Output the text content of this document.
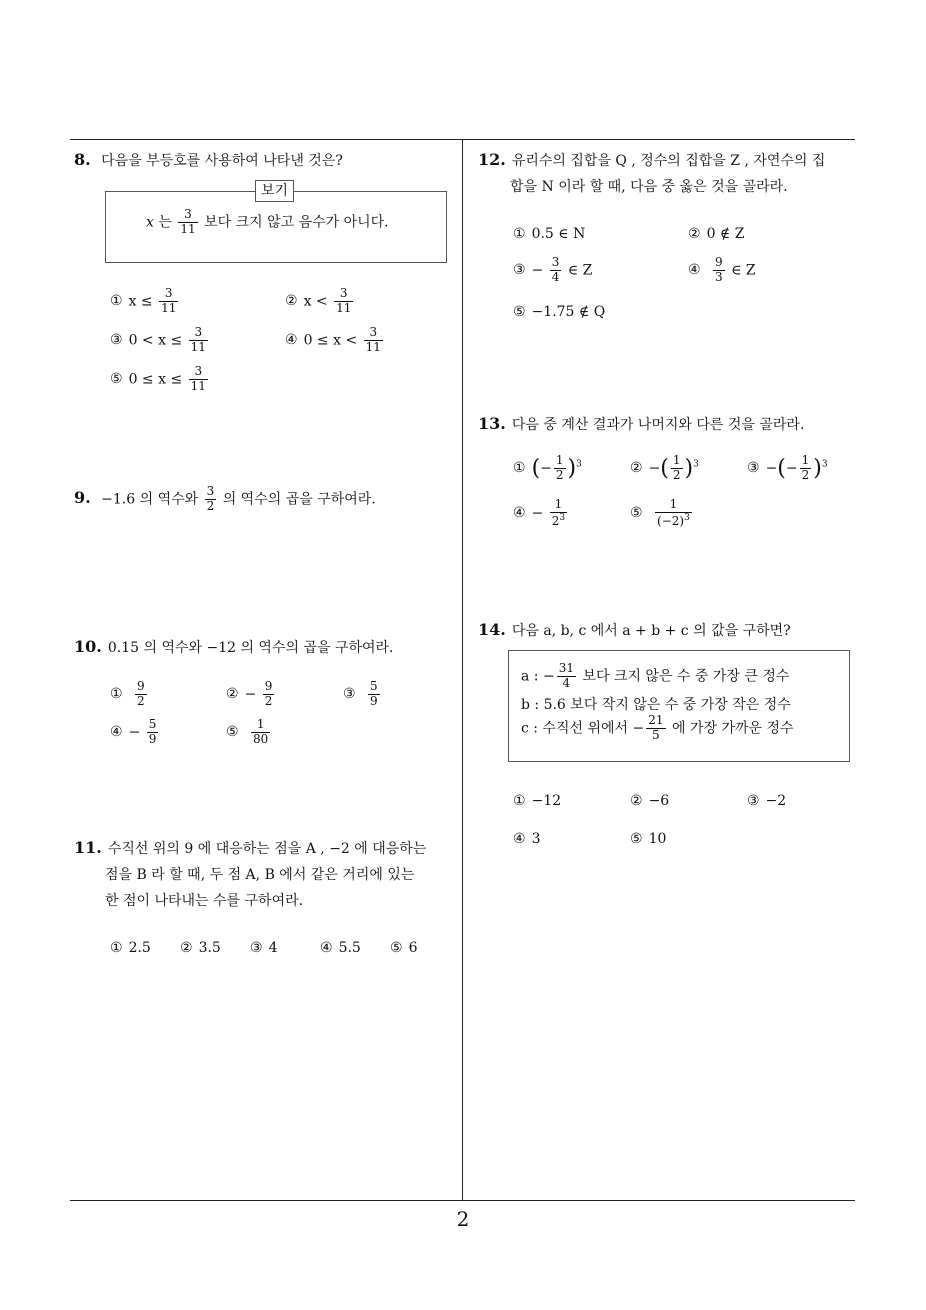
8. 다음을 부등호를 사용하여 나타낸 것은?
보기
x 는 $\frac{3}{11}$ 보다 크지 않고 음수가 아니다.
① $x \le \frac{3}{11}$	② $x < \frac{3}{11}$
③ $0 < x \le \frac{3}{11}$	④ $0 \le x < \frac{3}{11}$
⑤ $0 \le x \le \frac{3}{11}$
9. −1.6 의 역수와 $\frac{3}{2}$ 의 역수의 곱을 구하여라.
10. 0.15 의 역수와 −12 의 역수의 곱을 구하여라.
① $\frac{9}{2}$	② − $\frac{9}{2}$	③ $\frac{5}{9}$
④ − $\frac{5}{9}$	⑤ $\frac{1}{80}$
11. 수직선 위의 9 에 대응하는 점을 A , −2 에 대응하는
점을 B 라 할 때, 두 점 A, B 에서 같은 거리에 있는
한 점이 나타내는 수를 구하여라.
① 2.5 ② 3.5 ③ 4	④ 5.5 ⑤ 6
12. 유리수의 집합을 Q , 정수의 집합을 Z , 자연수의 집
합을 N 이라 할 때, 다음 중 옳은 것을 골라라.
① 0.5 ∈ N	② 0 ∉ Z
③ − $\frac{3}{4}$ ∈ Z	④ $\frac{9}{3}$ ∈ Z
⑤ −1.75 ∉ Q
13. 다음 중 계산 결과가 나머지와 다른 것을 골라라.
① (− $\frac{1}{2} )^3$	② −( $\frac{1}{2} )^3$	③ −(− $\frac{1}{2} )^3$
④ − $\frac{1}{2^3}$	⑤ $\frac{1}{(-2)^3}$
14. 다음 a, b, c 에서 a + b + c 의 값을 구하면?
a : − $\frac{31}{4}$ 보다 크지 않은 수 중 가장 큰 정수
b : 5.6 보다 작지 않은 수 중 가장 작은 정수
c : 수직선 위에서 − $\frac{21}{5}$ 에 가장 가까운 정수
① −12	② −6	③ −2
④ 3	⑤ 10
2
